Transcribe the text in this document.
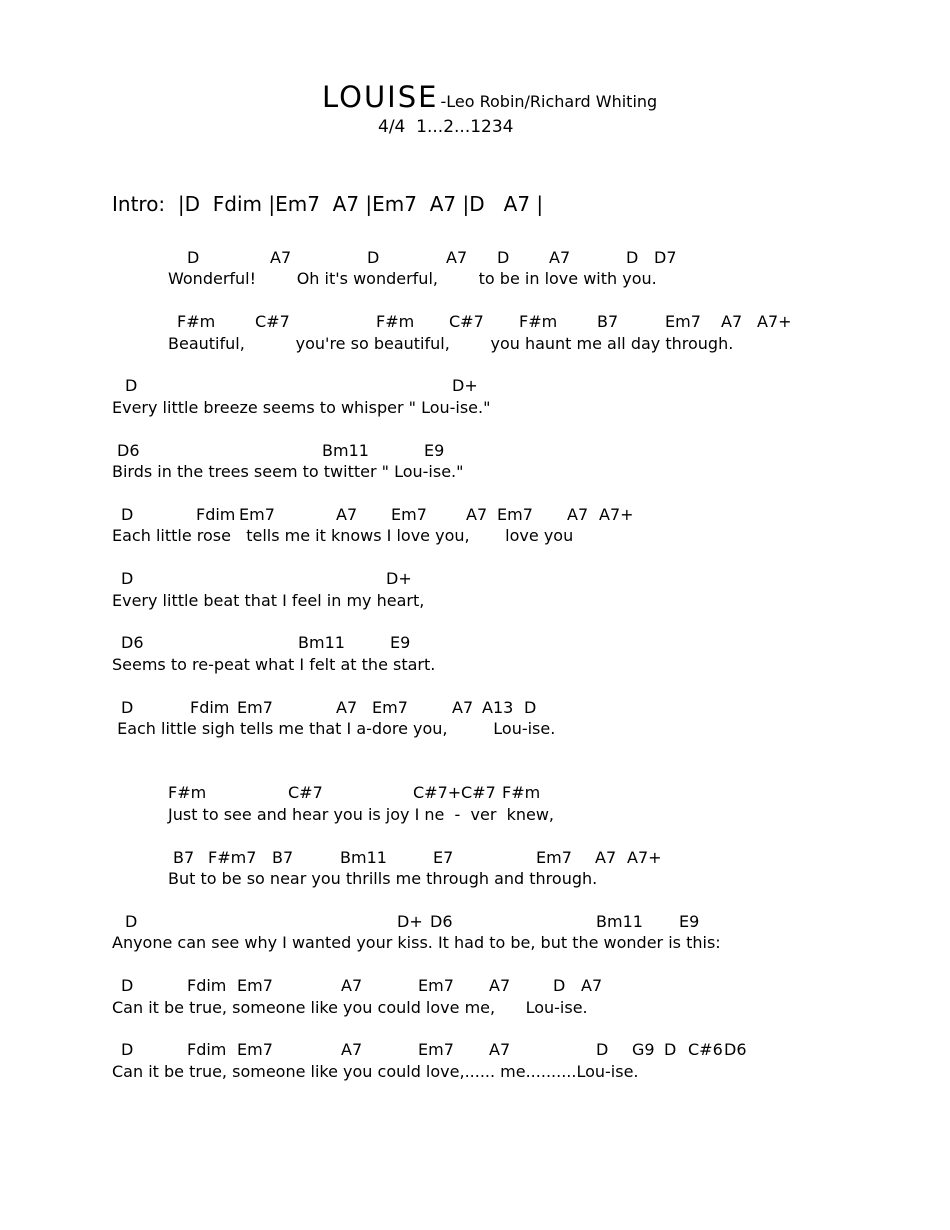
LOUISE -Leo Robin/Richard Whiting
4/4  1...2...1234
Intro:  |D  Fdim |Em7  A7 |Em7  A7 |D   A7 |
D	A7	D	A7 D A7	D D7
Wonderful!        Oh it's wonderful,        to be in love with you.
F#m C#7	F#m C#7 F#m B7	Em7 A7 A7+
Beautiful,          you're so beautiful,        you haunt me all day through.
D	D+
Every little breeze seems to whisper " Lou-ise."
D6	Bm11	E9
Birds in the trees seem to twitter " Lou-ise."
D	Fdim Em7	A7 Em7 A7 Em7 A7 A7+
Each little rose   tells me it knows I love you,       love you
D	D+
Every little beat that I feel in my heart,
D6	Bm11	E9
Seems to re-peat what I felt at the start.
D	Fdim Em7	A7 Em7	A7 A13 D
Each little sigh tells me that I a-dore you,         Lou-ise.
F#m	C#7	C#7+ C#7 F#m
Just to see and hear you is joy I ne  -  ver  knew,
B7 F#m7 B7	Bm11	E7	Em7 A7 A7+
But to be so near you thrills me through and through.
D	D+ D6	Bm11 E9
Anyone can see why I wanted your kiss. It had to be, but the wonder is this:
D	Fdim Em7	A7	Em7 A7	D A7
Can it be true, someone like you could love me,      Lou-ise.
D	Fdim Em7	A7	Em7 A7	D G9 D C#6 D6
Can it be true, someone like you could love,...... me..........Lou-ise.
